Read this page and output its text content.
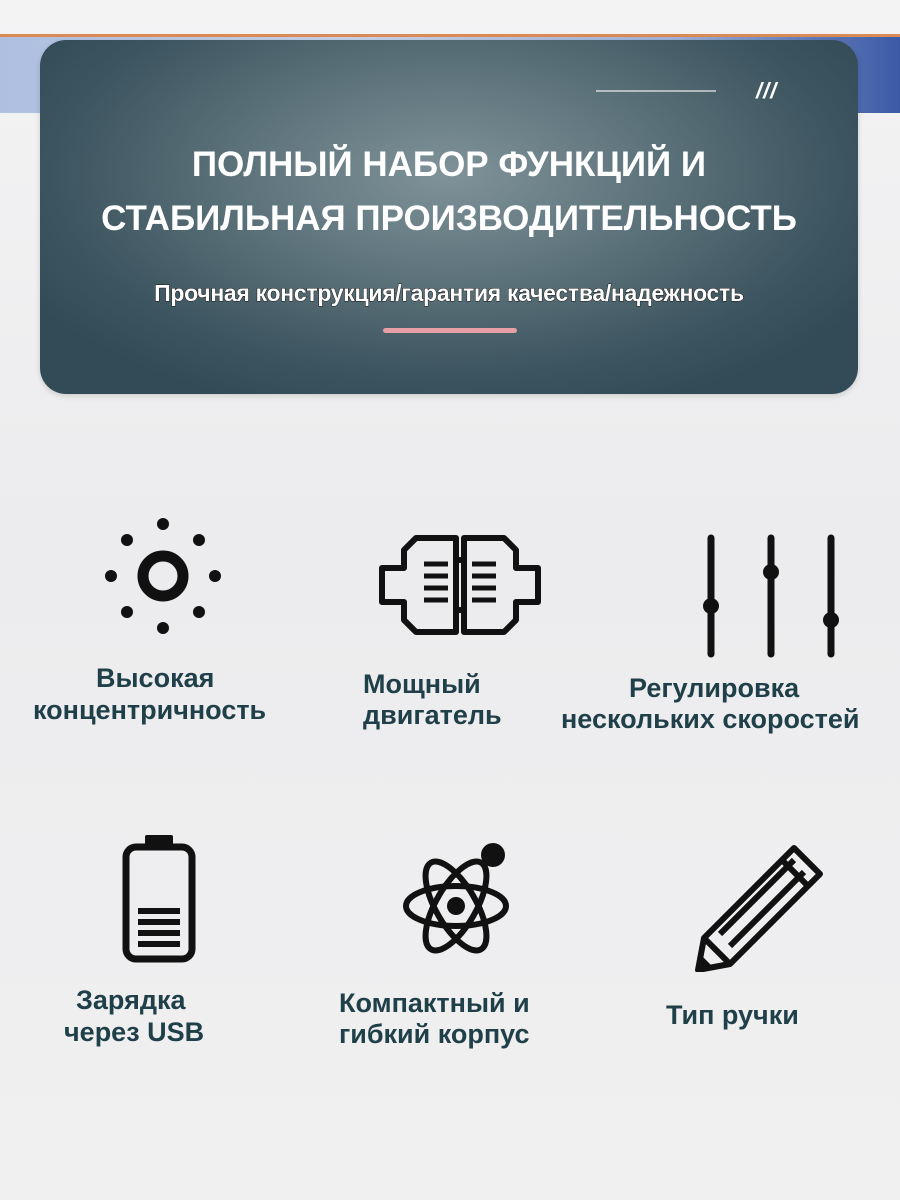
///
ПОЛНЫЙ НАБОР ФУНКЦИЙ И
СТАБИЛЬНАЯ ПРОИЗВОДИТЕЛЬНОСТЬ
Прочная конструкция/гарантия качества/надежность
Высокая
концентричность
Мощный
двигатель
Регулировка
нескольких скоростей
Зарядка
через USB
Компактный и
гибкий корпус
Тип ручки
